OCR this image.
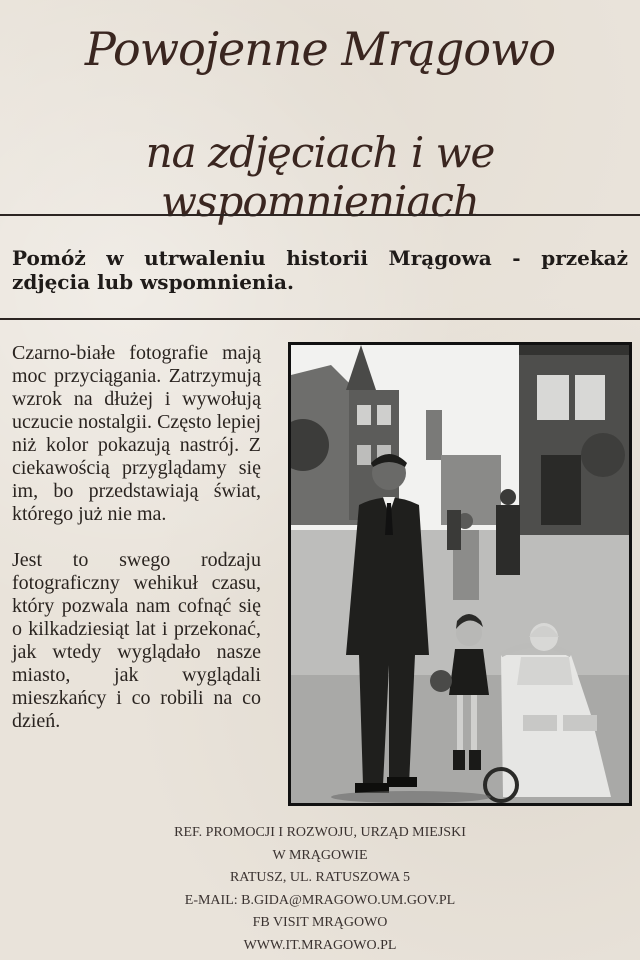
Powojenne Mrągowo
na zdjęciach i we wspomnieniach
Pomóż w utrwaleniu historii Mrągowa - przekaż zdjęcia lub wspomnienia.

Czarno-białe fotografie mają moc przyciągania. Zatrzymują wzrok na dłużej i wywołują uczucie nostalgii. Często lepiej niż kolor pokazują nastrój. Z ciekawością przyglądamy się im, bo przedstawiają świat, którego już nie ma.

Jest to swego rodzaju fotograficzny wehikuł czasu, który pozwala nam cofnąć się o kilkadziesiąt lat i przekonać, jak wtedy wyglądało nasze miasto, jak wyglądali mieszkańcy i co robili na co dzień.

REF. PROMOCJI I ROZWOJU, URZĄD MIEJSKI
W MRĄGOWIE
RATUSZ, UL. RATUSZOWA 5
E-MAIL: B.GIDA@MRAGOWO.UM.GOV.PL
FB VISIT MRĄGOWO
WWW.IT.MRAGOWO.PL
